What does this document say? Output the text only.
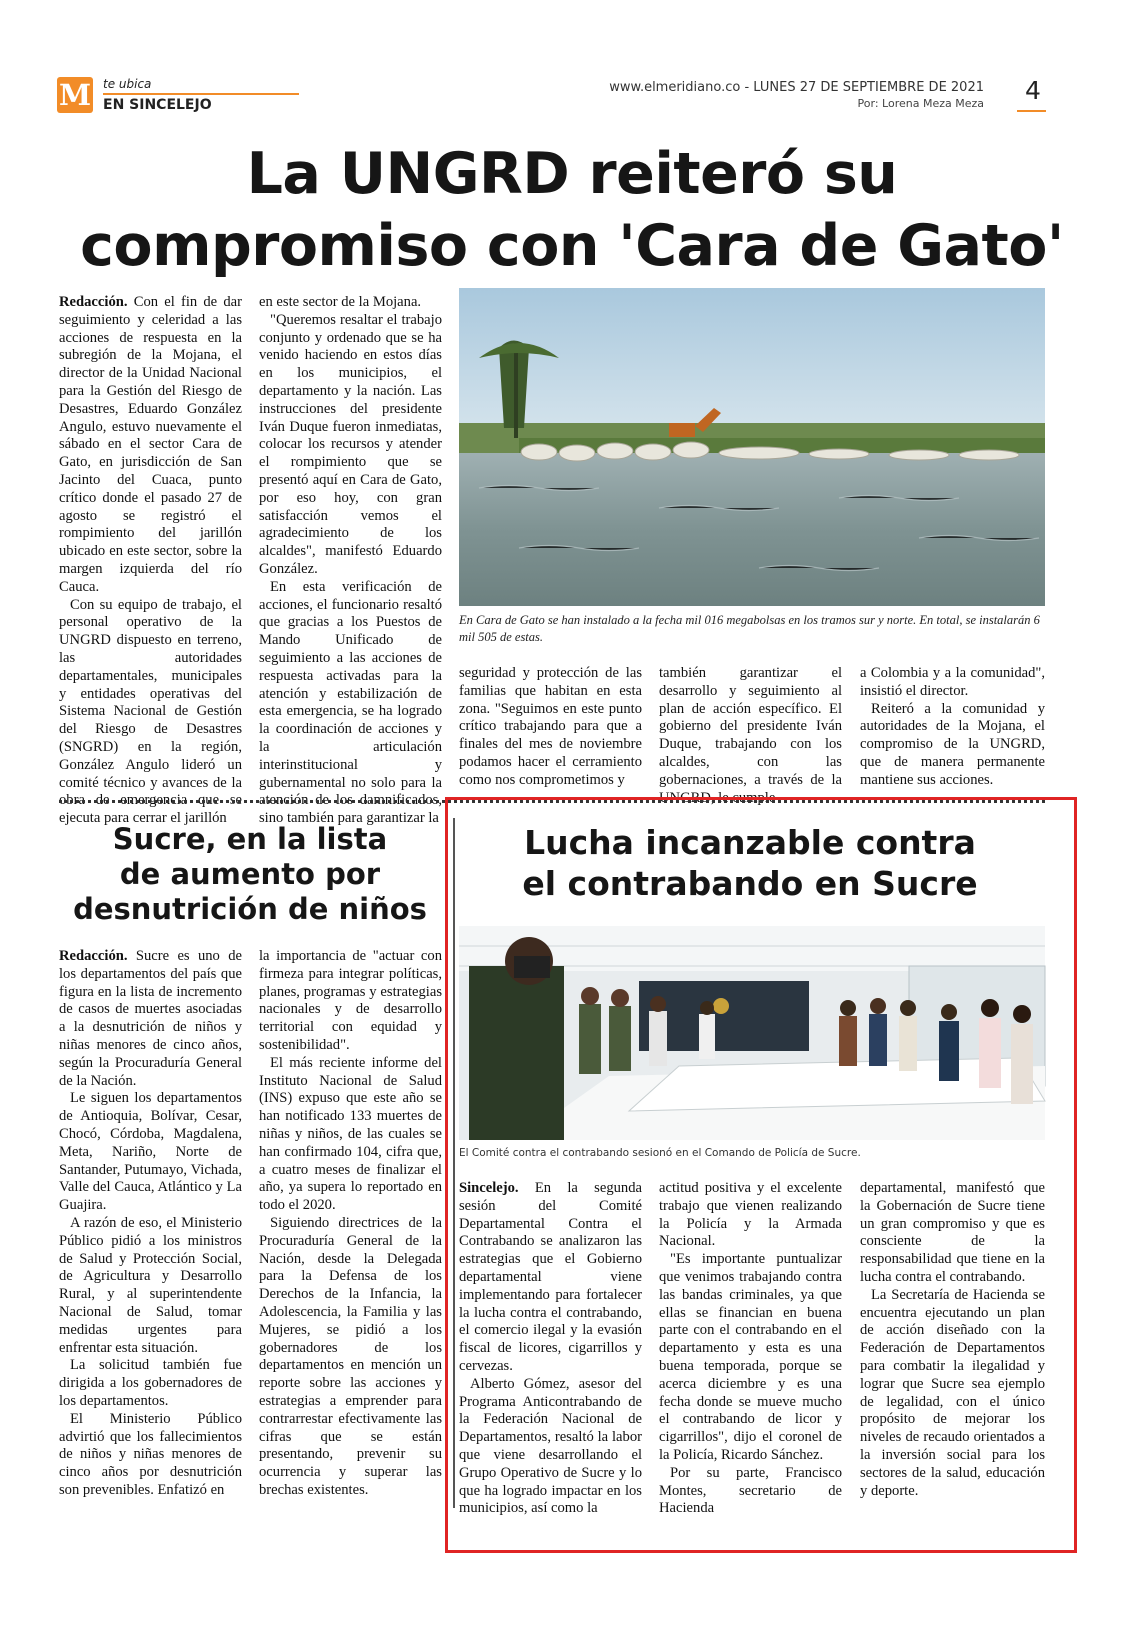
M te ubica
EN SINCELEJO
www.elmeridiano.co - LUNES 27 DE SEPTIEMBRE DE 2021
Por: Lorena Meza Meza 4
La UNGRD reiteró su
compromiso con 'Cara de Gato'

Redacción. Con el fin de dar seguimiento y celeridad a las acciones de respuesta en la subregión de la Mojana, el director de la Unidad Nacional para la Gestión del Riesgo de Desastres, Eduardo González Angulo, estuvo nuevamente el sábado en el sector Cara de Gato, en jurisdicción de San Jacinto del Cuaca, punto crítico donde el pasado 27 de agosto se registró el rompimiento del jarillón ubicado en este sector, sobre la margen izquierda del río Cauca.

Con su equipo de trabajo, el personal operativo de la UNGRD dispuesto en terreno, las autoridades departamentales, municipales y entidades operativas del Sistema Nacional de Gestión del Riesgo de Desastres (SNGRD) en la región, González Angulo lideró un comité técnico y avances de la obra de emergencia que se ejecuta para cerrar el jarillón

en este sector de la Mojana.

"Queremos resaltar el trabajo conjunto y ordenado que se ha venido haciendo en estos días en los municipios, el departamento y la nación. Las instrucciones del presidente Iván Duque fueron inmediatas, colocar los recursos y atender el rompimiento que se presentó aquí en Cara de Gato, por eso hoy, con gran satisfacción vemos el agradecimiento de los alcaldes", manifestó Eduardo González.

En esta verificación de acciones, el funcionario resaltó que gracias a los Puestos de Mando Unificado de seguimiento a las acciones de respuesta activadas para la atención y estabilización de esta emergencia, se ha logrado la coordinación de acciones y la articulación interinstitucional y gubernamental no solo para la atención de los damnificados, sino también para garantizar la

En Cara de Gato se han instalado a la fecha mil 016 megabolsas en los tramos sur y norte. En total, se instalarán 6 mil 505 de estas.

seguridad y protección de las familias que habitan en esta zona. "Seguimos en este punto crítico trabajando para que a finales del mes de noviembre podamos hacer el cerramiento como nos comprometimos y

también garantizar el desarrollo y seguimiento al plan de acción específico. El gobierno del presidente Iván Duque, trabajando con los alcaldes, con las gobernaciones, a través de la UNGRD, le cumple

a Colombia y a la comunidad", insistió el director.

Reiteró a la comunidad y autoridades de la Mojana, el compromiso de la UNGRD, que de manera permanente mantiene sus acciones.

Sucre, en la lista
de aumento por
desnutrición de niños

Redacción. Sucre es uno de los departamentos del país que figura en la lista de incremento de casos de muertes asociadas a la desnutrición de niños y niñas menores de cinco años, según la Procuraduría General de la Nación.

Le siguen los departamentos de Antioquia, Bolívar, Cesar, Chocó, Córdoba, Magdalena, Meta, Nariño, Norte de Santander, Putumayo, Vichada, Valle del Cauca, Atlántico y La Guajira.

A razón de eso, el Ministerio Público pidió a los ministros de Salud y Protección Social, de Agricultura y Desarrollo Rural, y al superintendente Nacional de Salud, tomar medidas urgentes para enfrentar esta situación.

La solicitud también fue dirigida a los gobernadores de los departamentos.

El Ministerio Público advirtió que los fallecimientos de niños y niñas menores de cinco años por desnutrición son prevenibles. Enfatizó en

la importancia de "actuar con firmeza para integrar políticas, planes, programas y estrategias nacionales y de desarrollo territorial con equidad y sostenibilidad".

El más reciente informe del Instituto Nacional de Salud (INS) expuso que este año se han notificado 133 muertes de niñas y niños, de las cuales se han confirmado 104, cifra que, a cuatro meses de finalizar el año, ya supera lo reportado en todo el 2020.

Siguiendo directrices de la Procuraduría General de la Nación, desde la Delegada para la Defensa de los Derechos de la Infancia, la Adolescencia, la Familia y las Mujeres, se pidió a los gobernadores de los departamentos en mención un reporte sobre las acciones y estrategias a emprender para contrarrestar efectivamente las cifras que se están presentando, prevenir su ocurrencia y superar las brechas existentes.

Lucha incanzable contra
el contrabando en Sucre
El Comité contra el contrabando sesionó en el Comando de Policía de Sucre.

Sincelejo. En la segunda sesión del Comité Departamental Contra el Contrabando se analizaron las estrategias que el Gobierno departamental viene implementando para fortalecer la lucha contra el contrabando, el comercio ilegal y la evasión fiscal de licores, cigarrillos y cervezas.

Alberto Gómez, asesor del Programa Anticontrabando de la Federación Nacional de Departamentos, resaltó la labor que viene desarrollando el Grupo Operativo de Sucre y lo que ha logrado impactar en los municipios, así como la

actitud positiva y el excelente trabajo que vienen realizando la Policía y la Armada Nacional.

"Es importante puntualizar que venimos trabajando contra las bandas criminales, ya que ellas se financian en buena parte con el contrabando en el departamento y esta es una buena temporada, porque se acerca diciembre y es una fecha donde se mueve mucho el contrabando de licor y cigarrillos", dijo el coronel de la Policía, Ricardo Sánchez.

Por su parte, Francisco Montes, secretario de Hacienda

departamental, manifestó que la Gobernación de Sucre tiene un gran compromiso y que es consciente de la responsabilidad que tiene en la lucha contra el contrabando.

La Secretaría de Hacienda se encuentra ejecutando un plan de acción diseñado con la Federación de Departamentos para combatir la ilegalidad y lograr que Sucre sea ejemplo de legalidad, con el único propósito de mejorar los niveles de recaudo orientados a la inversión social para los sectores de la salud, educación y deporte.
